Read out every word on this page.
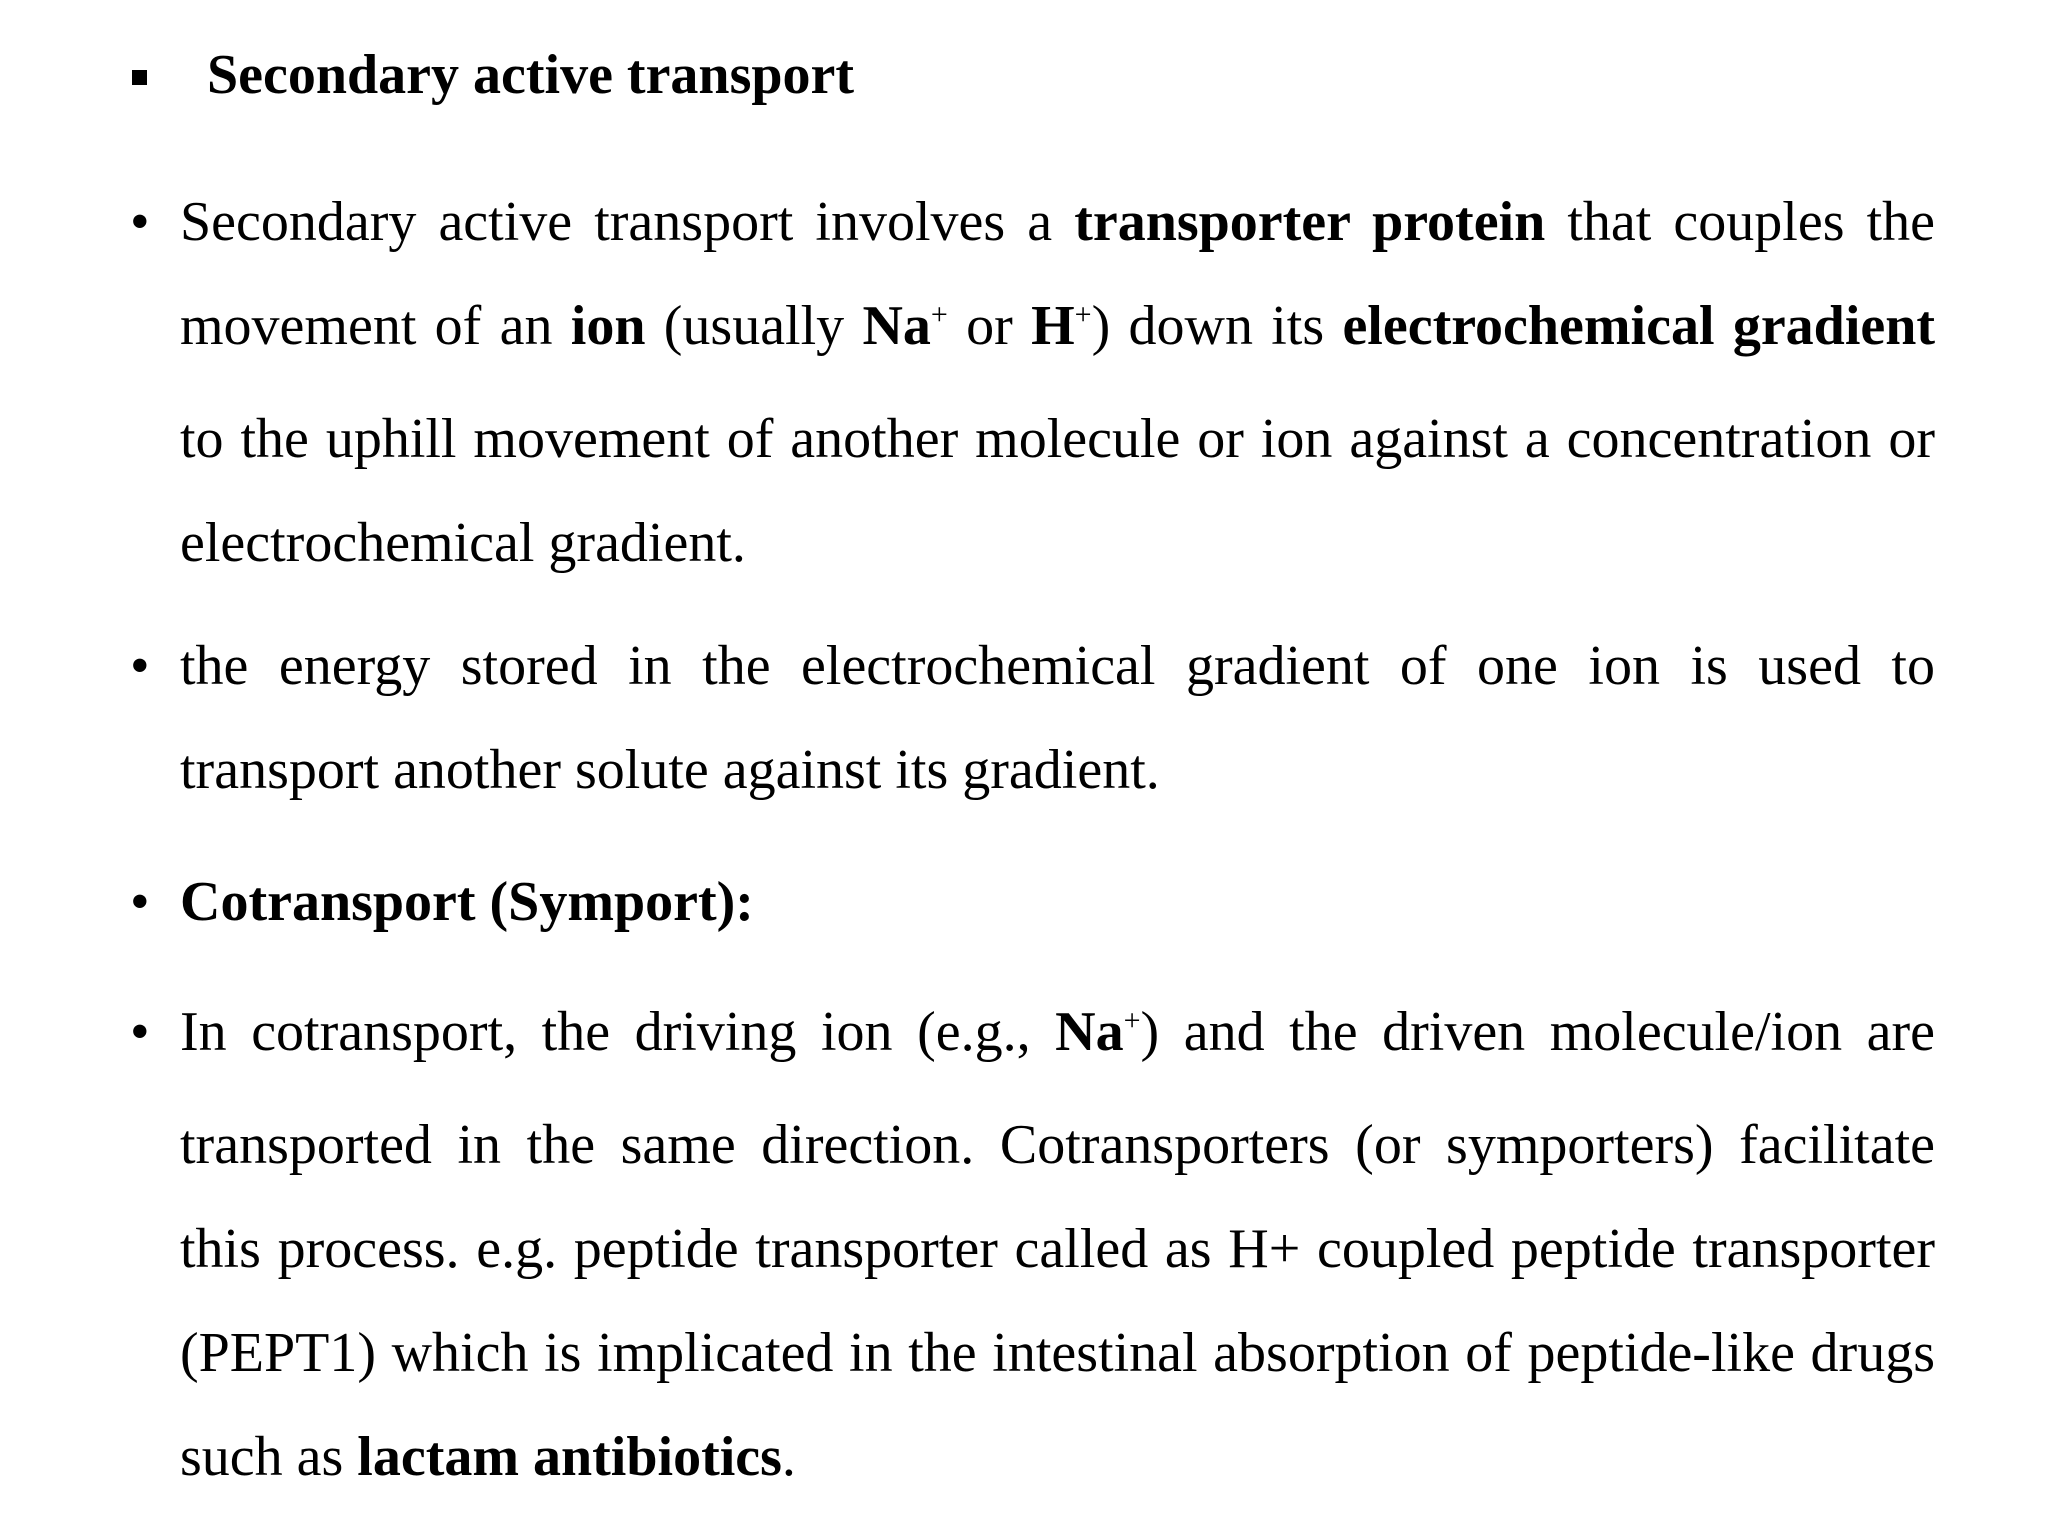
Secondary active transport
• Secondary active transport involves a transporter protein that couples the movement of an ion (usually Na+ or H+) down its electrochemical gradient to the uphill movement of another molecule or ion against a concentration or electrochemical gradient.
• the energy stored in the electrochemical gradient of one ion is used to transport another solute against its gradient.
• Cotransport (Symport):
• In cotransport, the driving ion (e.g., Na+) and the driven molecule/ion are transported in the same direction. Cotransporters (or symporters) facilitate this process. e.g. peptide transporter called as H+ coupled peptide transporter (PEPT1) which is implicated in the intestinal absorption of peptide-like drugs such as lactam antibiotics.
